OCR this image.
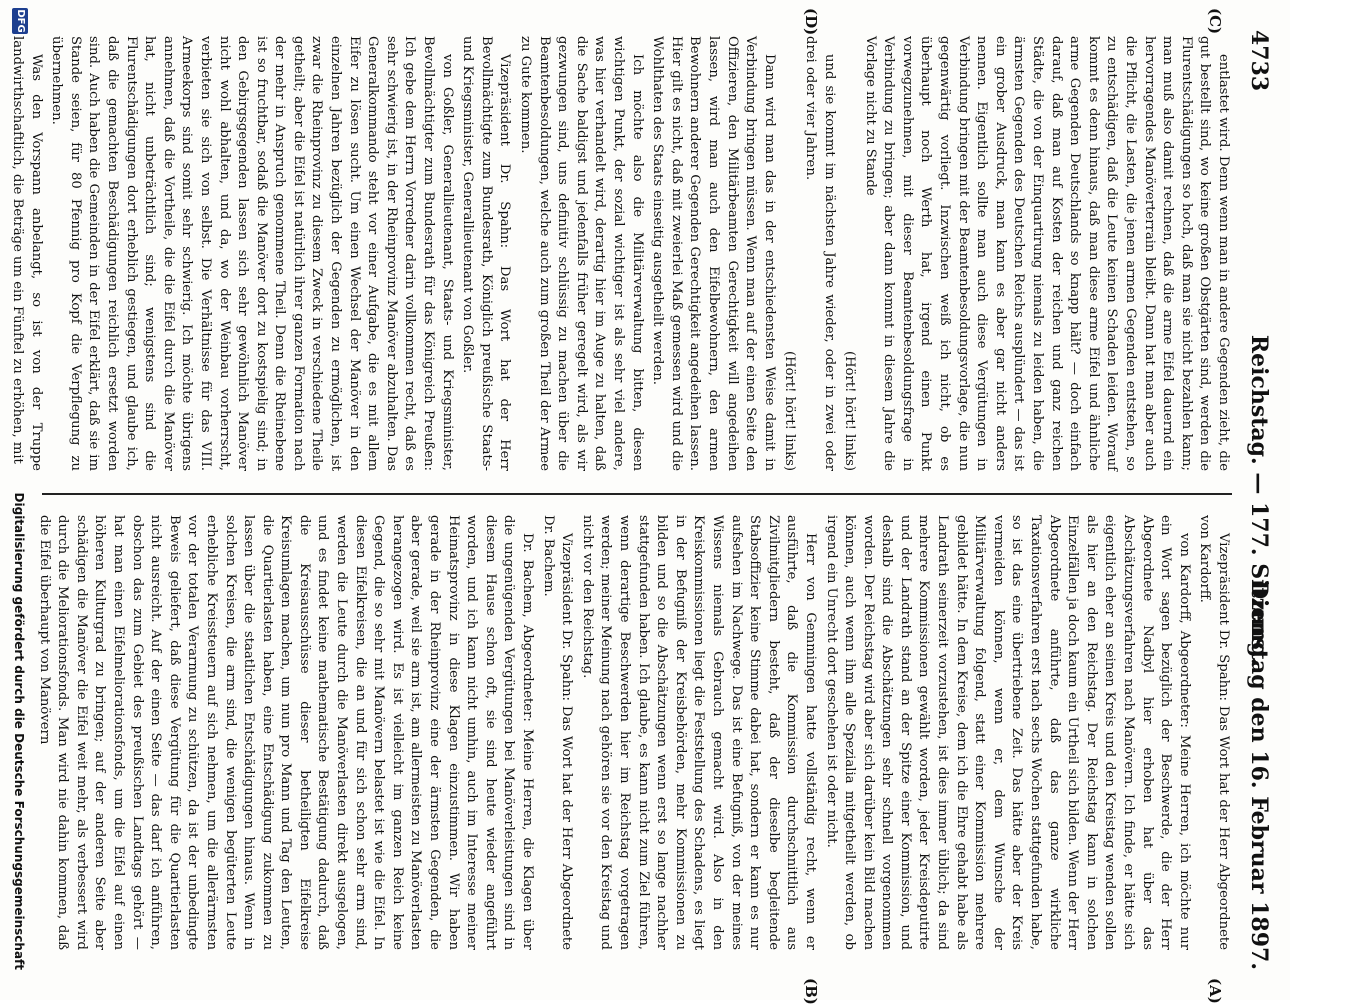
4733
Reichstag. — 177. Sitzung.
Dienstag den 16. Februar 1897.
(C)
(D)
(A)
(B)

Vizepräsident Dr. Spahn: Das Wort hat der Herr Abgeordnete von Kardorff.

von Kardorff, Abgeordneter: Meine Herren, ich möchte nur ein Wort sagen bezüglich der Beschwerde, die der Herr Abgeordnete Nadbyl hier erhoben hat über das Abschätzungsverfahren nach Manövern. Ich finde, er hätte sich eigentlich eher an seinen Kreis und den Kreistag wenden sollen als hier an den Reichstag. Der Reichstag kann in solchen Einzelfällen ja doch kaum ein Urtheil sich bilden. Wenn der Herr Abgeordnete anführte, daß das ganze wirkliche Taxationsverfahren erst nach sechs Wochen stattgefunden habe, so ist das eine übertriebene Zeit. Das hätte aber der Kreis vermeiden können, wenn er, dem Wunsche der Militärverwaltung folgend, statt einer Kommission mehrere gebildet hätte. In dem Kreise, dem ich die Ehre gehabt habe als Landrath seinerzeit vorzustehen, ist dies immer üblich; da sind mehrere Kommissionen gewählt worden, jeder Kreisdeputirte und der Landrath stand an der Spitze einer Kommission, und deshalb sind die Abschätzungen sehr schnell vorgenommen worden. Der Reichstag wird aber sich darüber kein Bild machen können, auch wenn ihm alle Spezialia mitgetheilt werden, ob irgend ein Unrecht dort geschehen ist oder nicht.

Herr von Gemmingen hatte vollständig recht, wenn er ausführte, daß die Kommission durchschnittlich aus Zivilmitgliedern besteht, daß der dieselbe begleitende Stabsoffizier keine Stimme dabei hat, sondern er kann es nur aufsehen im Nachwege. Das ist eine Befugniß, von der meines Wissens niemals Gebrauch gemacht wird. Also in den Kreiskommissionen liegt die Feststellung des Schadens, es liegt in der Befugniß der Kreisbehörden, mehr Kommissionen zu bilden und so die Abschätzungen wenn erst so lange nachher stattgefunden haben. Ich glaube, es kann nicht zum Ziel führen, wenn derartige Beschwerden hier im Reichstag vorgetragen werden; meiner Meinung nach gehören sie vor den Kreistag und nicht vor den Reichstag.

Vizepräsident Dr. Spahn: Das Wort hat der Herr Abgeordnete Dr. Bachem.

Dr. Bachem, Abgeordneter: Meine Herren, die Klagen über die ungenügenden Vergütungen bei Manöverleistungen sind in diesem Hause schon oft, sie sind heute wieder angeführt worden, und ich kann nicht umhin, auch im Interesse meiner Heimatsprovinz in diese Klagen einzustimmen. Wir haben gerade in der Rheinprovinz eine der ärmsten Gegenden, die aber gerade, weil sie arm ist, am allermeisten zu Manöverlasten herangezogen wird. Es ist vielleicht im ganzen Reich keine Gegend, die so sehr mit Manövern belastet ist wie die Eifel. In diesen Eifelkreisen, die an und für sich schon sehr arm sind, werden die Leute durch die Manöverlasten direkt ausgelogen, und es findet keine mathematische Bestätigung dadurch, daß die Kreisausschüsse dieser betheiligten Eifelkreise Kreisumlagen machen, um nun pro Mann und Tag den Leuten, die Quartierlasten haben, eine Entschädigung zukommen zu lassen über die staatlichen Entschädigungen hinaus. Wenn in solchen Kreisen, die arm sind, die wenigen begüterten Leute erhebliche Kreissteuern auf sich nehmen, um die allerärmsten vor der totalen Verarmung zu schützen, da ist der unbedingte Beweis geliefert, daß diese Vergütung für die Quartierlasten nicht ausreicht. Auf der einen Seite — das darf ich anführen, obschon das zum Gebiet des preußischen Landtags gehört — hat man einen Eifelmeliorationsfonds, um die Eifel auf einen höheren Kulturgrad zu bringen; auf der anderen Seite aber schädigen die Manöver die Eifel weit mehr, als verbessert wird durch die Meliorationsfonds. Man wird nie dahin kommen, daß die Eifel überhaupt von Manövern

entlastet wird. Denn wenn man in andere Gegenden zieht, die gut bestellt sind, wo keine großen Obstgärten sind, werden die Flurentschädigungen so hoch, daß man sie nicht bezahlen kann; man muß also damit rechnen, daß die arme Eifel dauernd ein hervorragendes Manöverterrain bleibt. Dann hat man aber auch die Pflicht, die Lasten, die jenen armen Gegenden entstehen, so zu entschädigen, daß die Leute keinen Schaden leiden. Worauf kommt es denn hinaus, daß man diese arme Eifel und ähnliche arme Gegenden Deutschlands so knapp hält? — doch einfach darauf, daß man auf Kosten der reichen und ganz reichen Städte, die von der Einquartirung niemals zu leiden haben, die ärmsten Gegenden des Deutschen Reichs ausplündert — das ist ein grober Ausdruck, man kann es aber gar nicht anders nennen. Eigentlich sollte man auch diese Vergütungen in Verbindung bringen mit der Beamtenbesoldungsvorlage, die nun gegenwärtig vorliegt. Inzwischen weiß ich nicht, ob es überhaupt noch Werth hat, irgend einen Punkt vorwegzunehmen, mit dieser Beamtenbesoldungsfrage in Verbindung zu bringen; aber dann kommt in diesem Jahre die Vorlage nicht zu Stande

(Hört! hört! links)

und sie kommt im nächsten Jahre wieder, oder in zwei oder drei oder vier Jahren.

(Hört! hört! links)

Dann wird man das in der entschiedensten Weise damit in Verbindung bringen müssen. Wenn man auf der einen Seite den Offizieren, den Militärbeamten Gerechtigkeit will angedeihen lassen, wird man auch den Eifelbewohnern, den armen Bewohnern anderer Gegenden Gerechtigkeit angedeihen lassen. Hier gilt es nicht, daß mit zweierlei Maß gemessen wird und die Wohlthaten des Staats einseitig ausgetheilt werden.

Ich möchte also die Militärverwaltung bitten, diesen wichtigen Punkt, der sozial wichtiger ist als sehr viel andere, was hier verhandelt wird, derartig hier im Auge zu halten, daß die Sache baldigst und jedenfalls früher geregelt wird, als wir gezwungen sind, uns definitiv schlüssig zu machen über die Beamtenbesoldungen, welche auch zum großen Theil der Armee zu Gute kommen.

Vizepräsident Dr. Spahn: Das Wort hat der Herr Bevollmächtigte zum Bundesrath, Königlich preußische Staats- und Kriegsminister, Generallieutenant von Goßler.

von Goßler, Generallieutenant, Staats- und Kriegsminister, Bevollmächtigter zum Bundesrath für das Königreich Preußen: Ich gebe dem Herrn Vorredner darin vollkommen recht, daß es sehr schwierig ist, in der Rheinprovinz Manöver abzuhalten. Das Generalkommando steht vor einer Aufgabe, die es mit allem Eifer zu lösen sucht. Um einen Wechsel der Manöver in den einzelnen Jahren bezüglich der Gegenden zu ermöglichen, ist zwar die Rheinprovinz zu diesem Zweck in verschiedene Theile getheilt; aber die Eifel ist natürlich ihrer ganzen Formation nach der mehr in Anspruch genommene Theil. Denn die Rheinebene ist so fruchtbar, sodaß die Manöver dort zu kostspielig sind; in den Gebirgsgegenden lassen sich sehr gewöhnlich Manöver nicht wohl abhalten, und da, wo der Weinbau vorherrscht, verbieten sie sich von selbst. Die Verhältnisse für das VIII. Armeekorps sind somit sehr schwierig. Ich möchte übrigens annehmen, daß die Vortheile, die die Eifel durch die Manöver hat, nicht unbeträchtlich sind; wenigstens sind die Flurentschädigungen dort erheblich gestiegen, und glaube ich, daß die gemachten Beschädigungen reichlich ersetzt worden sind. Auch haben die Gemeinden in der Eifel erklärt, daß sie im Stande seien, für 80 Pfennig pro Kopf die Verpflegung zu übernehmen.

Was den Vorspann anbelangt, so ist von der Truppe landwirthschaftlich, die Beträge um ein Fünftel zu erhöhen, mit

DFG
Digitalisierung gefördert durch die Deutsche Forschungsgemeinschaft
